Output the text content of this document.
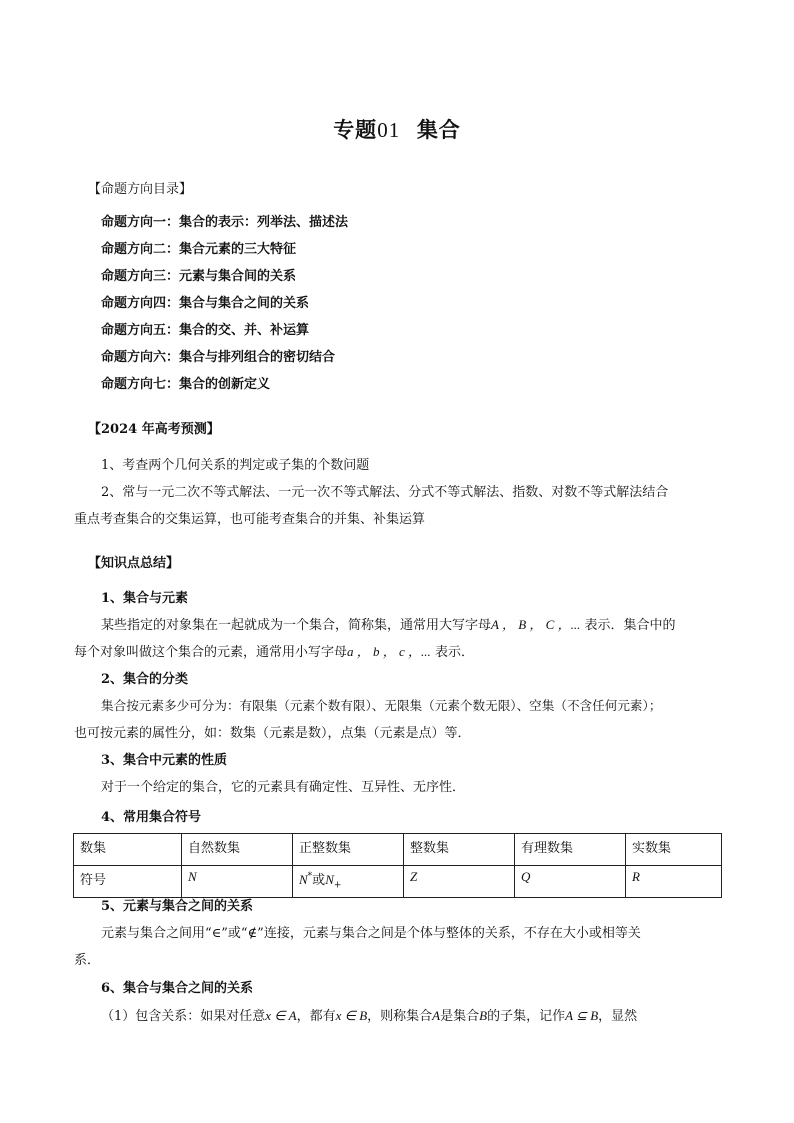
专题01 集合
【命题方向目录】
命题方向一：集合的表示：列举法、描述法
命题方向二：集合元素的三大特征
命题方向三：元素与集合间的关系
命题方向四：集合与集合之间的关系
命题方向五：集合的交、并、补运算
命题方向六：集合与排列组合的密切结合
命题方向七：集合的创新定义
【2024 年高考预测】
1、考查两个几何关系的判定或子集的个数问题
2、常与一元二次不等式解法、一元一次不等式解法、分式不等式解法、指数、对数不等式解法结合
重点考查集合的交集运算，也可能考查集合的并集、补集运算
【知识点总结】
1、集合与元素
某些指定的对象集在一起就成为一个集合，简称集，通常用大写字母A ， B ， C ，... 表示．集合中的
每个对象叫做这个集合的元素，通常用小写字母a ， b ， c ，... 表示．
2、集合的分类
集合按元素多少可分为：有限集（元素个数有限）、无限集（元素个数无限）、空集（不含任何元素）；
也可按元素的属性分，如：数集（元素是数），点集（元素是点）等．
3、集合中元素的性质
对于一个给定的集合，它的元素具有确定性、互异性、无序性．
4、常用集合符号
数集	自然数集	正整数集	整数集	有理数集	实数集
符号	N	N*或$N_+$	Z	Q	R
5、元素与集合之间的关系
元素与集合之间用“∈”或“∉”连接，元素与集合之间是个体与整体的关系，不存在大小或相等关
系．
6、集合与集合之间的关系
（1）包含关系：如果对任意x ∈ A，都有x ∈ B，则称集合A是集合B的子集，记作A ⊆ B，显然
